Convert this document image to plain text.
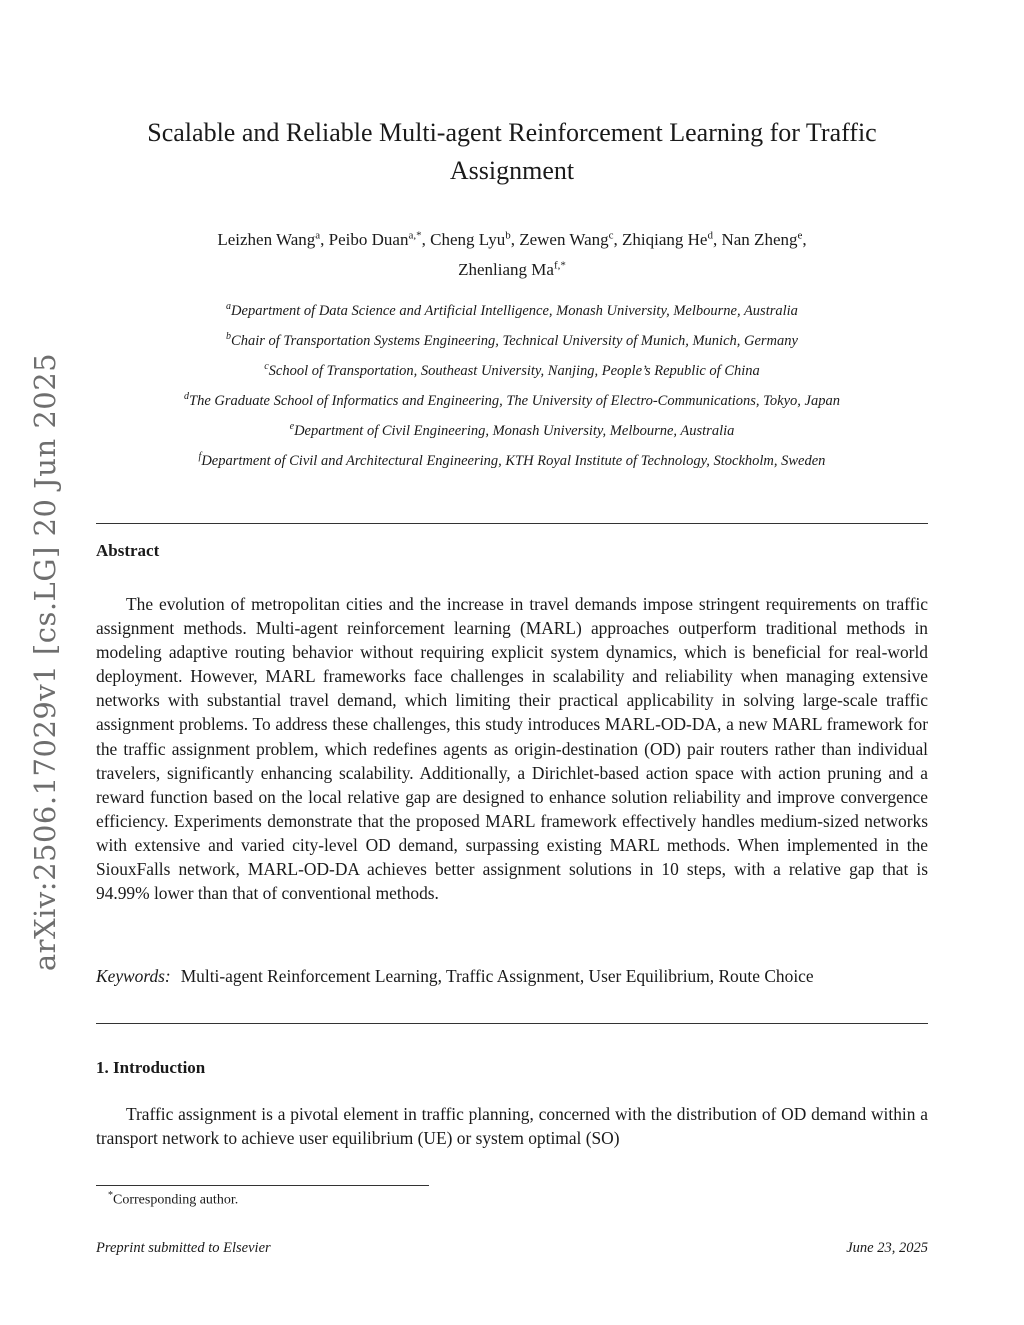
arXiv:2506.17029v1 [cs.LG] 20 Jun 2025
Scalable and Reliable Multi-agent Reinforcement Learning for Traffic Assignment
Leizhen Wang$^a$, Peibo Duan$^{a,*}$, Cheng Lyu$^b$, Zewen Wang$^c$, Zhiqiang He$^d$, Nan Zheng$^e$,
Zhenliang $Ma^{f,*}$
$^a$Department of Data Science and Artificial Intelligence, Monash University, Melbourne, Australia
$^b$Chair of Transportation Systems Engineering, Technical University of Munich, Munich, Germany
$^c$School of Transportation, Southeast University, Nanjing, People’s Republic of China
$^d$The Graduate School of Informatics and Engineering, The University of Electro-Communications, Tokyo, Japan
$^e$Department of Civil Engineering, Monash University, Melbourne, Australia
$^f$Department of Civil and Architectural Engineering, KTH Royal Institute of Technology, Stockholm, Sweden
Abstract

The evolution of metropolitan cities and the increase in travel demands impose stringent requirements on traffic assignment methods. Multi-agent reinforcement learning (MARL) approaches outperform traditional methods in modeling adaptive routing behavior without requiring explicit system dynamics, which is beneficial for real-world deployment. However, MARL frameworks face challenges in scalability and reliability when managing extensive networks with substantial travel demand, which limiting their practical applicability in solving large-scale traffic assignment problems. To address these challenges, this study introduces MARL-OD-DA, a new MARL framework for the traffic assignment problem, which redefines agents as origin-destination (OD) pair routers rather than individual travelers, significantly enhancing scalability. Additionally, a Dirichlet-based action space with action pruning and a reward function based on the local relative gap are designed to enhance solution reliability and improve convergence efficiency. Experiments demonstrate that the proposed MARL framework effectively handles medium-sized networks with extensive and varied city-level OD demand, surpassing existing MARL methods. When implemented in the SiouxFalls network, MARL-OD-DA achieves better assignment solutions in 10 steps, with a relative gap that is 94.99% lower than that of conventional methods.

Keywords: Multi-agent Reinforcement Learning, Traffic Assignment, User Equilibrium, Route Choice
1. Introduction

Traffic assignment is a pivotal element in traffic planning, concerned with the distribution of OD demand within a transport network to achieve user equilibrium (UE) or system optimal (SO)

*Corresponding author.
Preprint submitted to Elsevier	June 23, 2025
